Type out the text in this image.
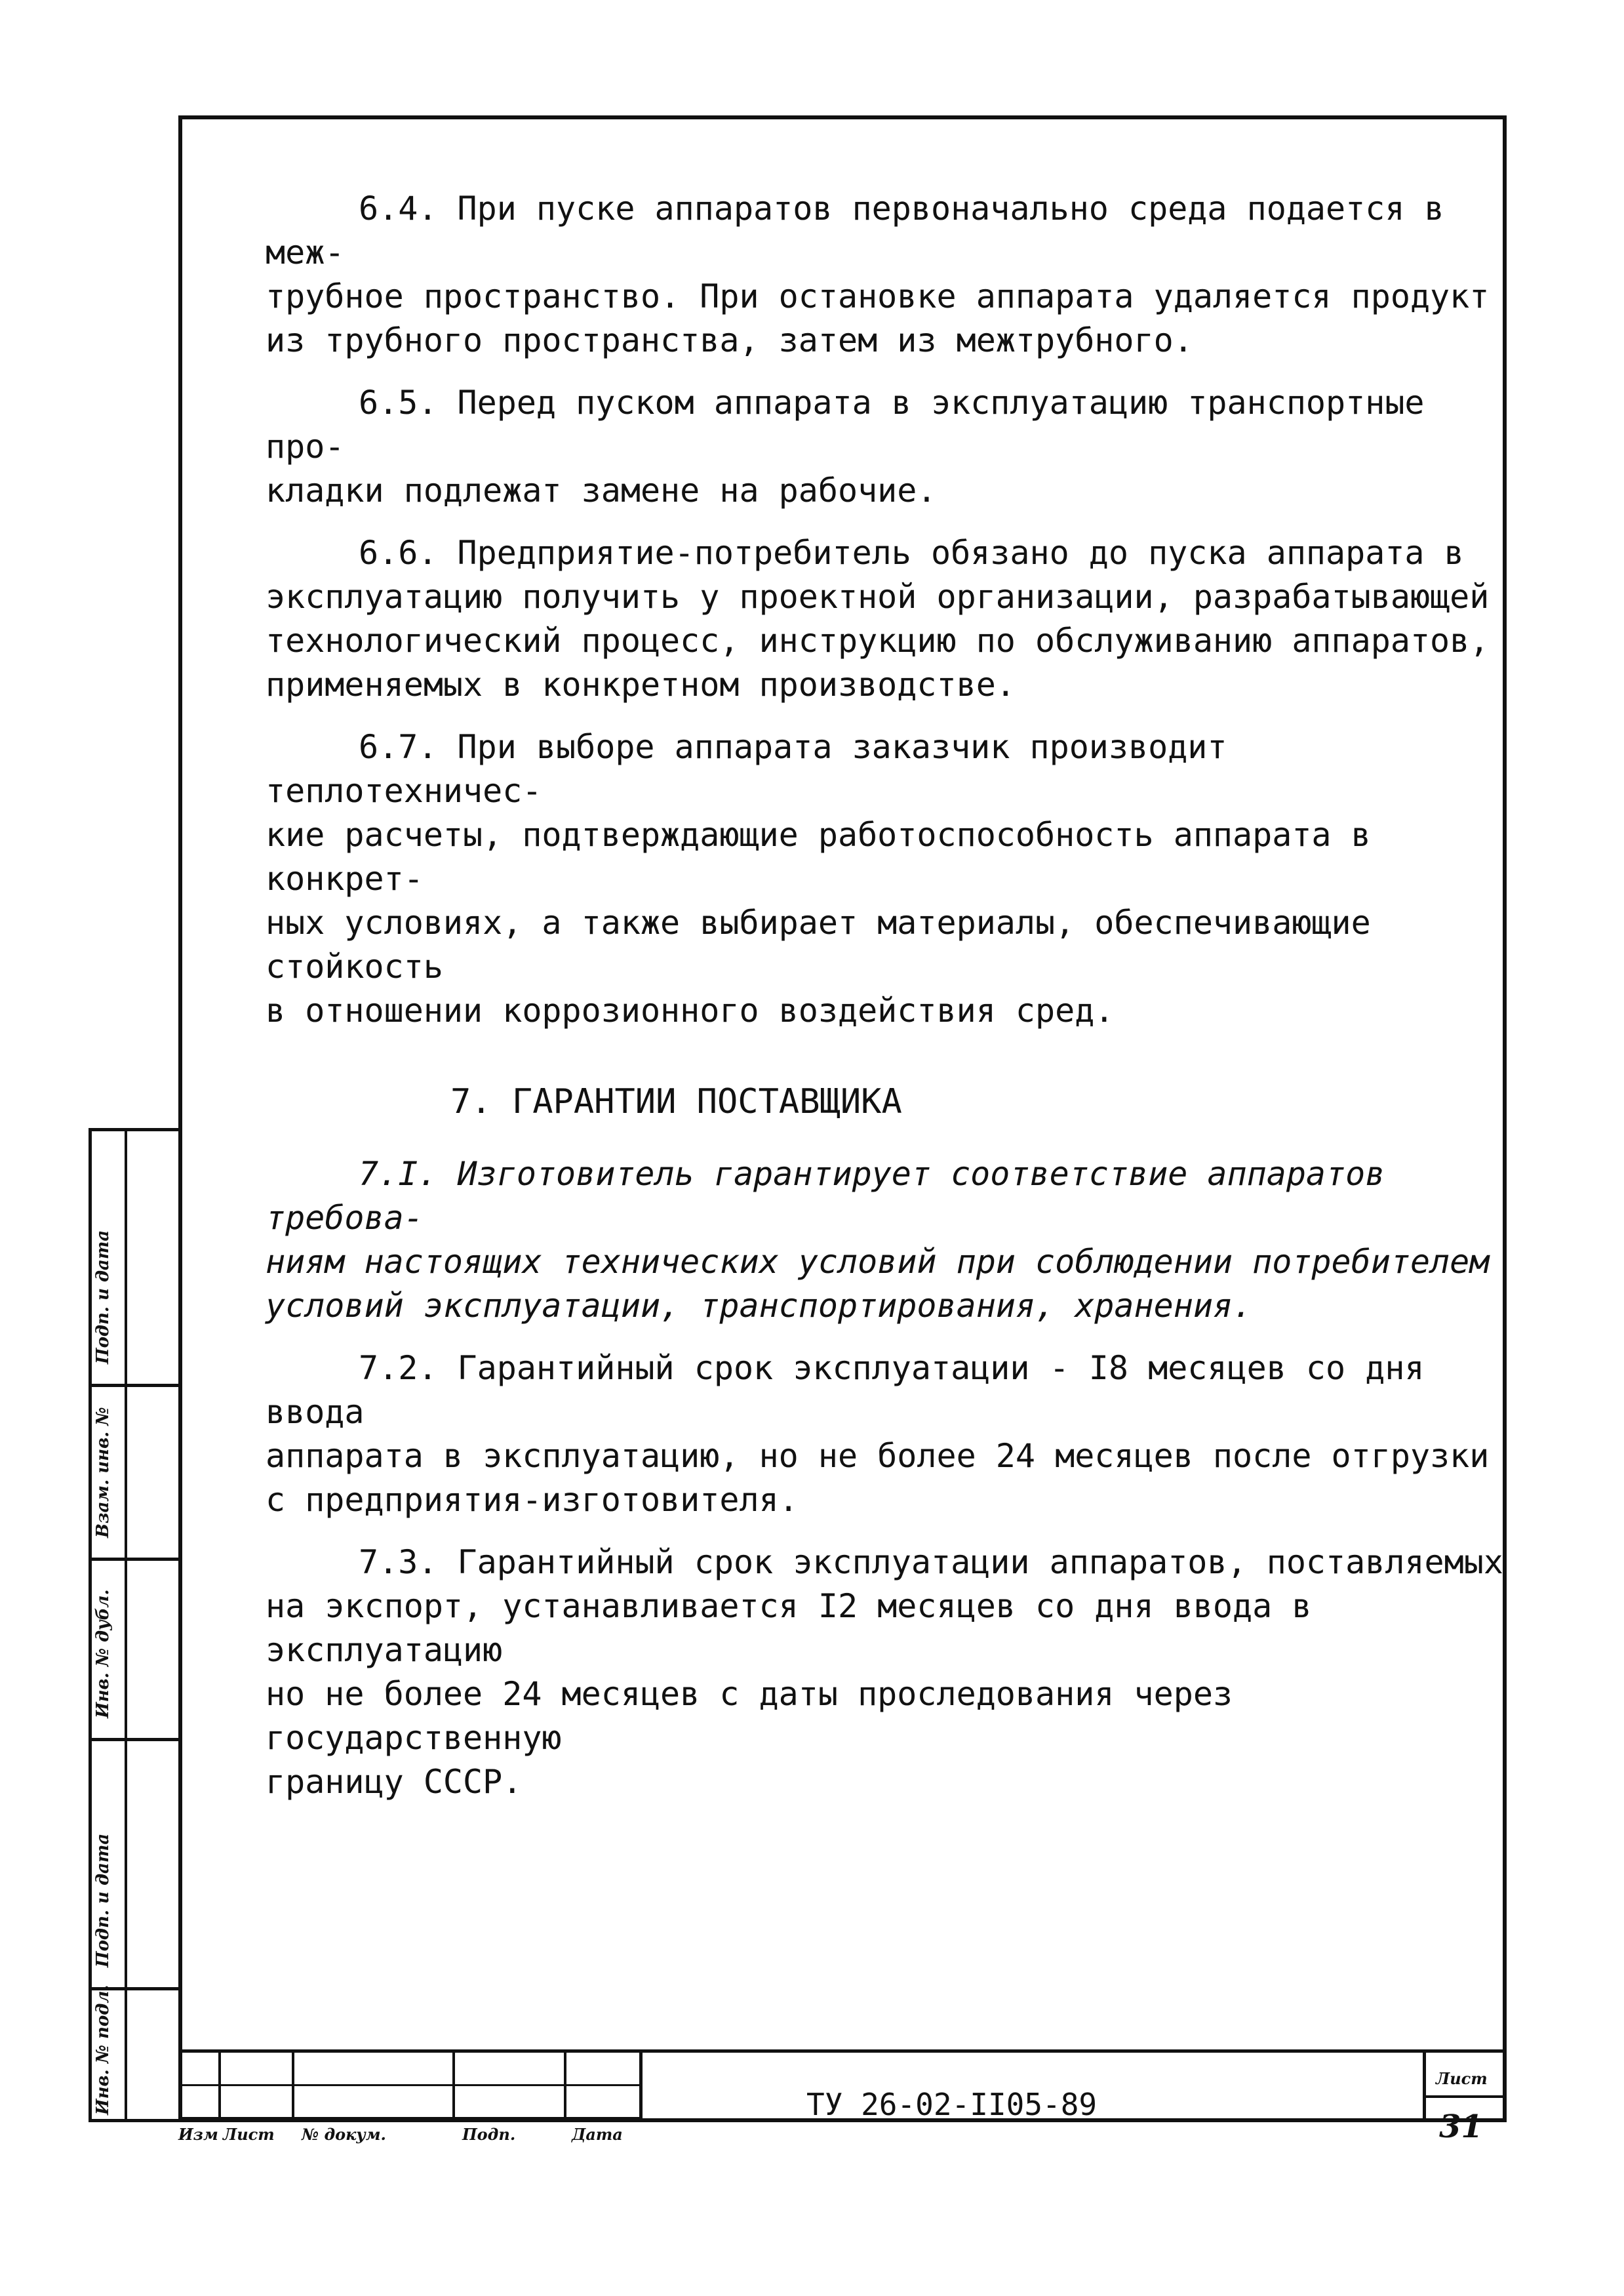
6.4. При пуске аппаратов первоначально среда подается в меж-
трубное пространство. При остановке аппарата удаляется продукт
из трубного пространства, затем из межтрубного.

6.5. Перед пуском аппарата в эксплуатацию транспортные про-
кладки подлежат замене на рабочие.

6.6. Предприятие-потребитель обязано до пуска аппарата в
эксплуатацию получить у проектной организации, разрабатывающей
технологический процесс, инструкцию по обслуживанию аппаратов,
применяемых в конкретном производстве.

6.7. При выборе аппарата заказчик производит теплотехничес-
кие расчеты, подтверждающие работоспособность аппарата в конкрет-
ных условиях, а также выбирает материалы, обеспечивающие стойкость
в отношении коррозионного воздействия сред.

7. ГАРАНТИИ ПОСТАВЩИКА

7.I. Изготовитель гарантирует соответствие аппаратов требова-
ниям настоящих технических условий при соблюдении потребителем
условий эксплуатации, транспортирования, хранения.

7.2. Гарантийный срок эксплуатации - I8 месяцев со дня ввода
аппарата в эксплуатацию, но не более 24 месяцев после отгрузки
с предприятия-изготовителя.

7.3. Гарантийный срок эксплуатации аппаратов, поставляемых
на экспорт, устанавливается I2 месяцев со дня ввода в эксплуатацию
но не более 24 месяцев с даты прослeдования через государственную
границу СССР.

Подп. и дата
Взам. инв. №
Инв. № дубл.
Подп. и дата
Инв. № подл.
Изм Лист № докум.	Подп.	Дата
ТУ 26-02-II05-89
Лист
31
